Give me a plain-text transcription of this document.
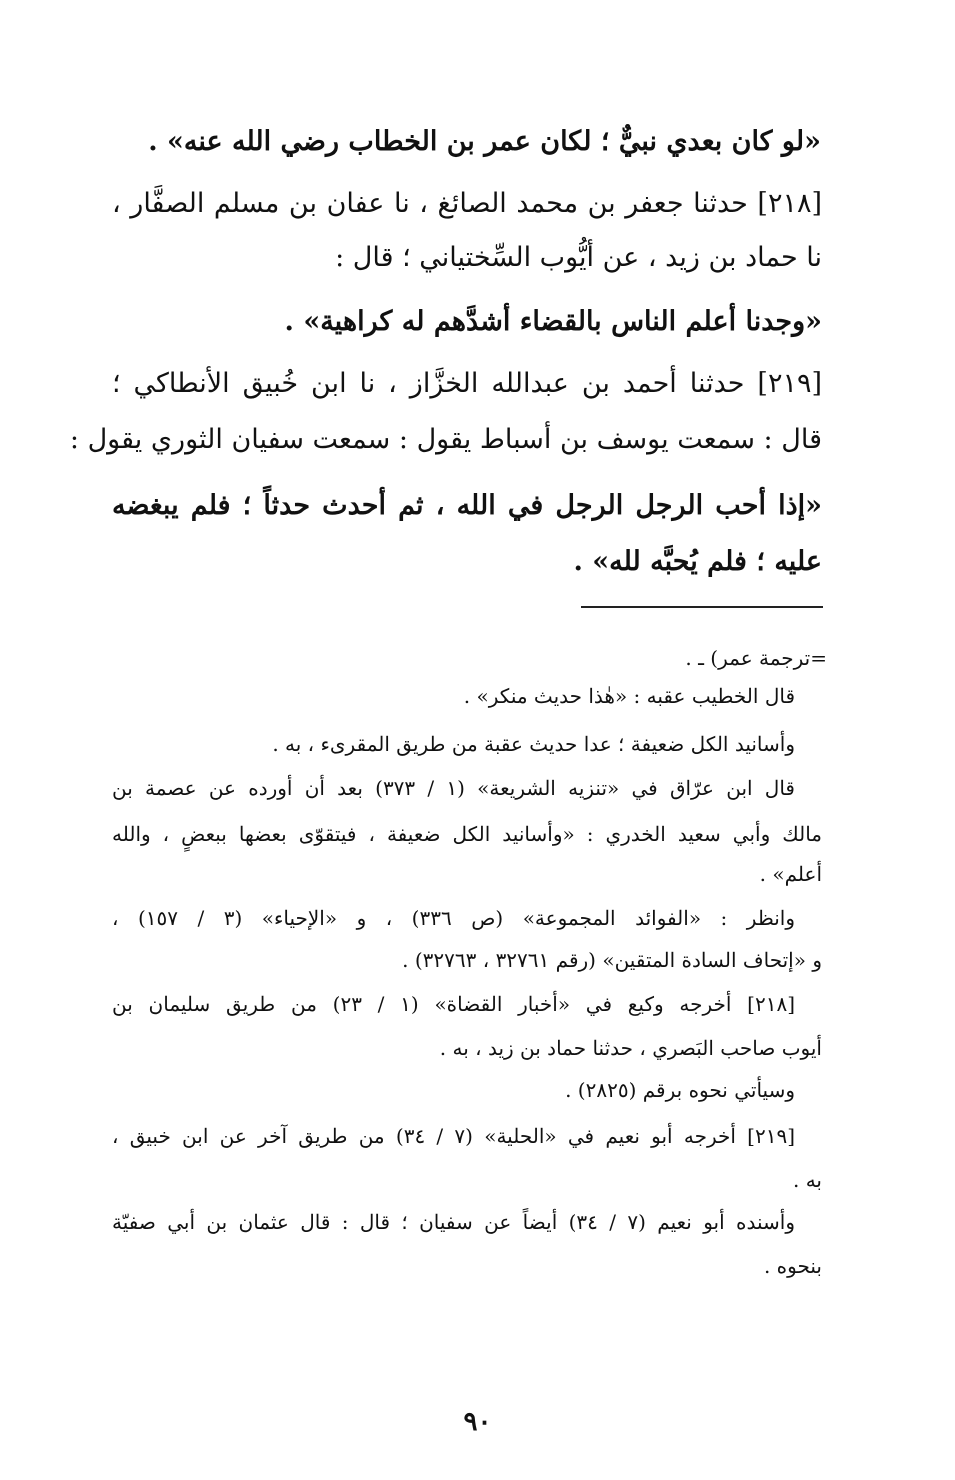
«لو كان بعدي نبيٌّ ؛ لكان عمر بن الخطاب رضي الله عنه» .
[٢١٨] حدثنا جعفر بن محمد الصائغ ، نا عفان بن مسلم الصفَّار ،
نا حماد بن زيد ، عن أيُّوب السِّختياني ؛ قال :
«وجدنا أعلم الناس بالقضاء أشدَّهم له كراهية» .
[٢١٩] حدثنا أحمد بن عبدالله الخزَّاز ، نا ابن خُبيق الأنطاكي ؛
قال : سمعت يوسف بن أسباط يقول : سمعت سفيان الثوري يقول :
«إذا أحب الرجل الرجل في الله ، ثم أحدث حدثاً ؛ فلم يبغضه
عليه ؛ فلم يُحبَّه لله» .
=ترجمة عمر) ـ .
قال الخطيب عقبه : «هٰذا حديث منكر» .
وأسانيد الكل ضعيفة ؛ عدا حديث عقبة من طريق المقرىء ، به .
قال ابن عرّاق في «تنزيه الشريعة» (١ / ٣٧٣) بعد أن أورده عن عصمة بن
مالك وأبي سعيد الخدري : «وأسانيد الكل ضعيفة ، فيتقوّى بعضها ببعضٍ ، والله
أعلم» .
وانظر : «الفوائد المجموعة» (ص ٣٣٦) ، و «الإحياء» (٣ / ١٥٧) ،
و «إتحاف السادة المتقين» (رقم ٣٢٧٦١ ، ٣٢٧٦٣) .
[٢١٨] أخرجه وكيع في «أخبار القضاة» (١ / ٢٣) من طريق سليمان بن
أيوب صاحب البَصري ، حدثنا حماد بن زيد ، به .
وسيأتي نحوه برقم (٢٨٢٥) .
[٢١٩] أخرجه أبو نعيم في «الحلية» (٧ / ٣٤) من طريق آخر عن ابن خبيق ،
به .
وأسنده أبو نعيم (٧ / ٣٤) أيضاً عن سفيان ؛ قال : قال عثمان بن أبي صفيّة
بنحوه .
٩٠
